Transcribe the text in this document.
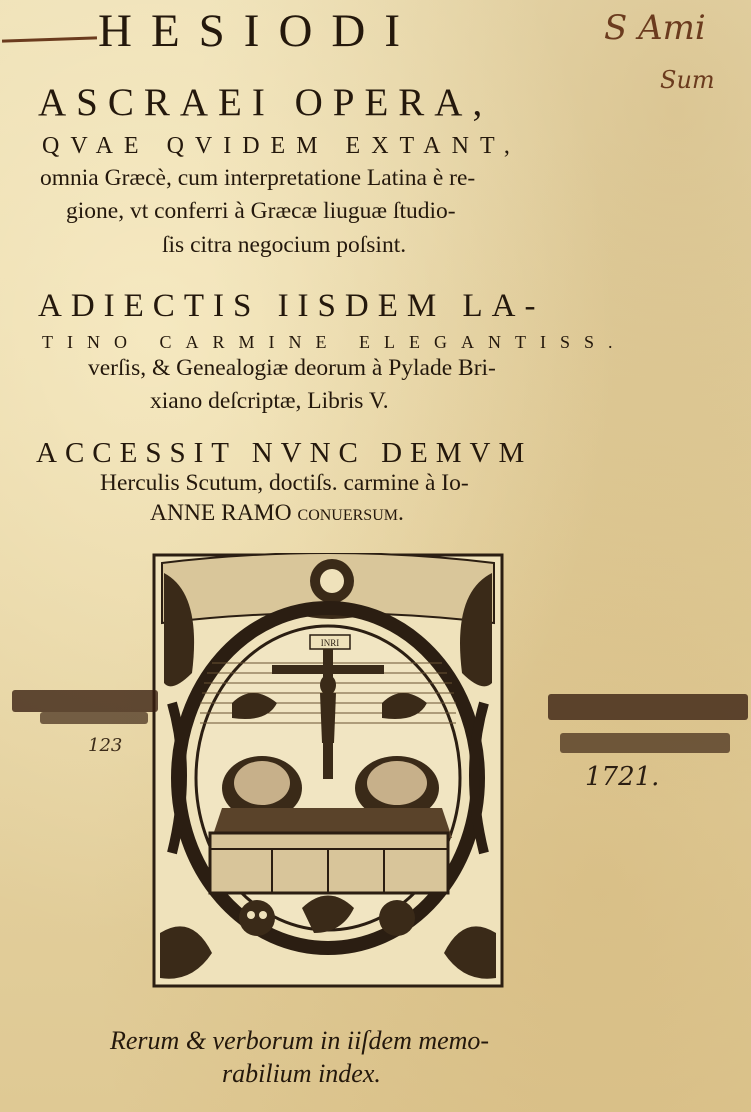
HESIODI
ASCRAEI OPERA,
QVAE QVIDEM EXTANT,
omnia Græcè, cum interpretatione Latina è re-
gione, vt conferri à Græcæ liuguæ ſtudio-
ſis citra negocium poſsint.
ADIECTIS IISDEM LA-
TINO CARMINE ELEGANTISS.
verſis, & Genealogiæ deorum à Pylade Bri-
xiano deſcriptæ, Libris V.
ACCESSIT NVNC DEMVM
Herculis Scutum, doctiſs. carmine à Io-
ANNE RAMO conuerſum.
INRI
Rerum & verborum in iiſdem memo-
rabilium index.
S Ami
Sum
123
1721.
